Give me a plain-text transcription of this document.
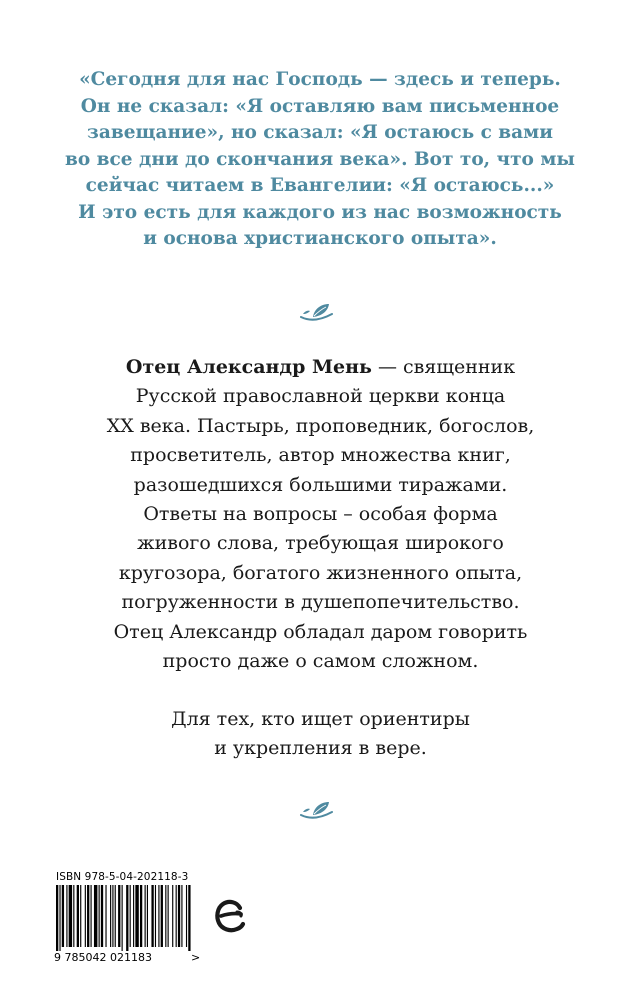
«Сегодня для нас Господь — здесь и теперь.
Он не сказал: «Я оставляю вам письменное
завещание», но сказал: «Я остаюсь с вами
во все дни до скончания века». Вот то, что мы
сейчас читаем в Евангелии: «Я остаюсь...»
И это есть для каждого из нас возможность
и основа христианского опыта».
Отец Александр Мень — священник
Русской православной церкви конца
XX века. Пастырь, проповедник, богослов,
просветитель, автор множества книг,
разошедшихся большими тиражами.
Ответы на вопросы – особая форма
живого слова, требующая широкого
кругозора, богатого жизненного опыта,
погруженности в душепопечительство.
Отец Александр обладал даром говорить
просто даже о самом сложном.
Для тех, кто ищет ориентиры
и укрепления в вере.
ISBN 978-5-04-202118-3
9 785042 021183	>
